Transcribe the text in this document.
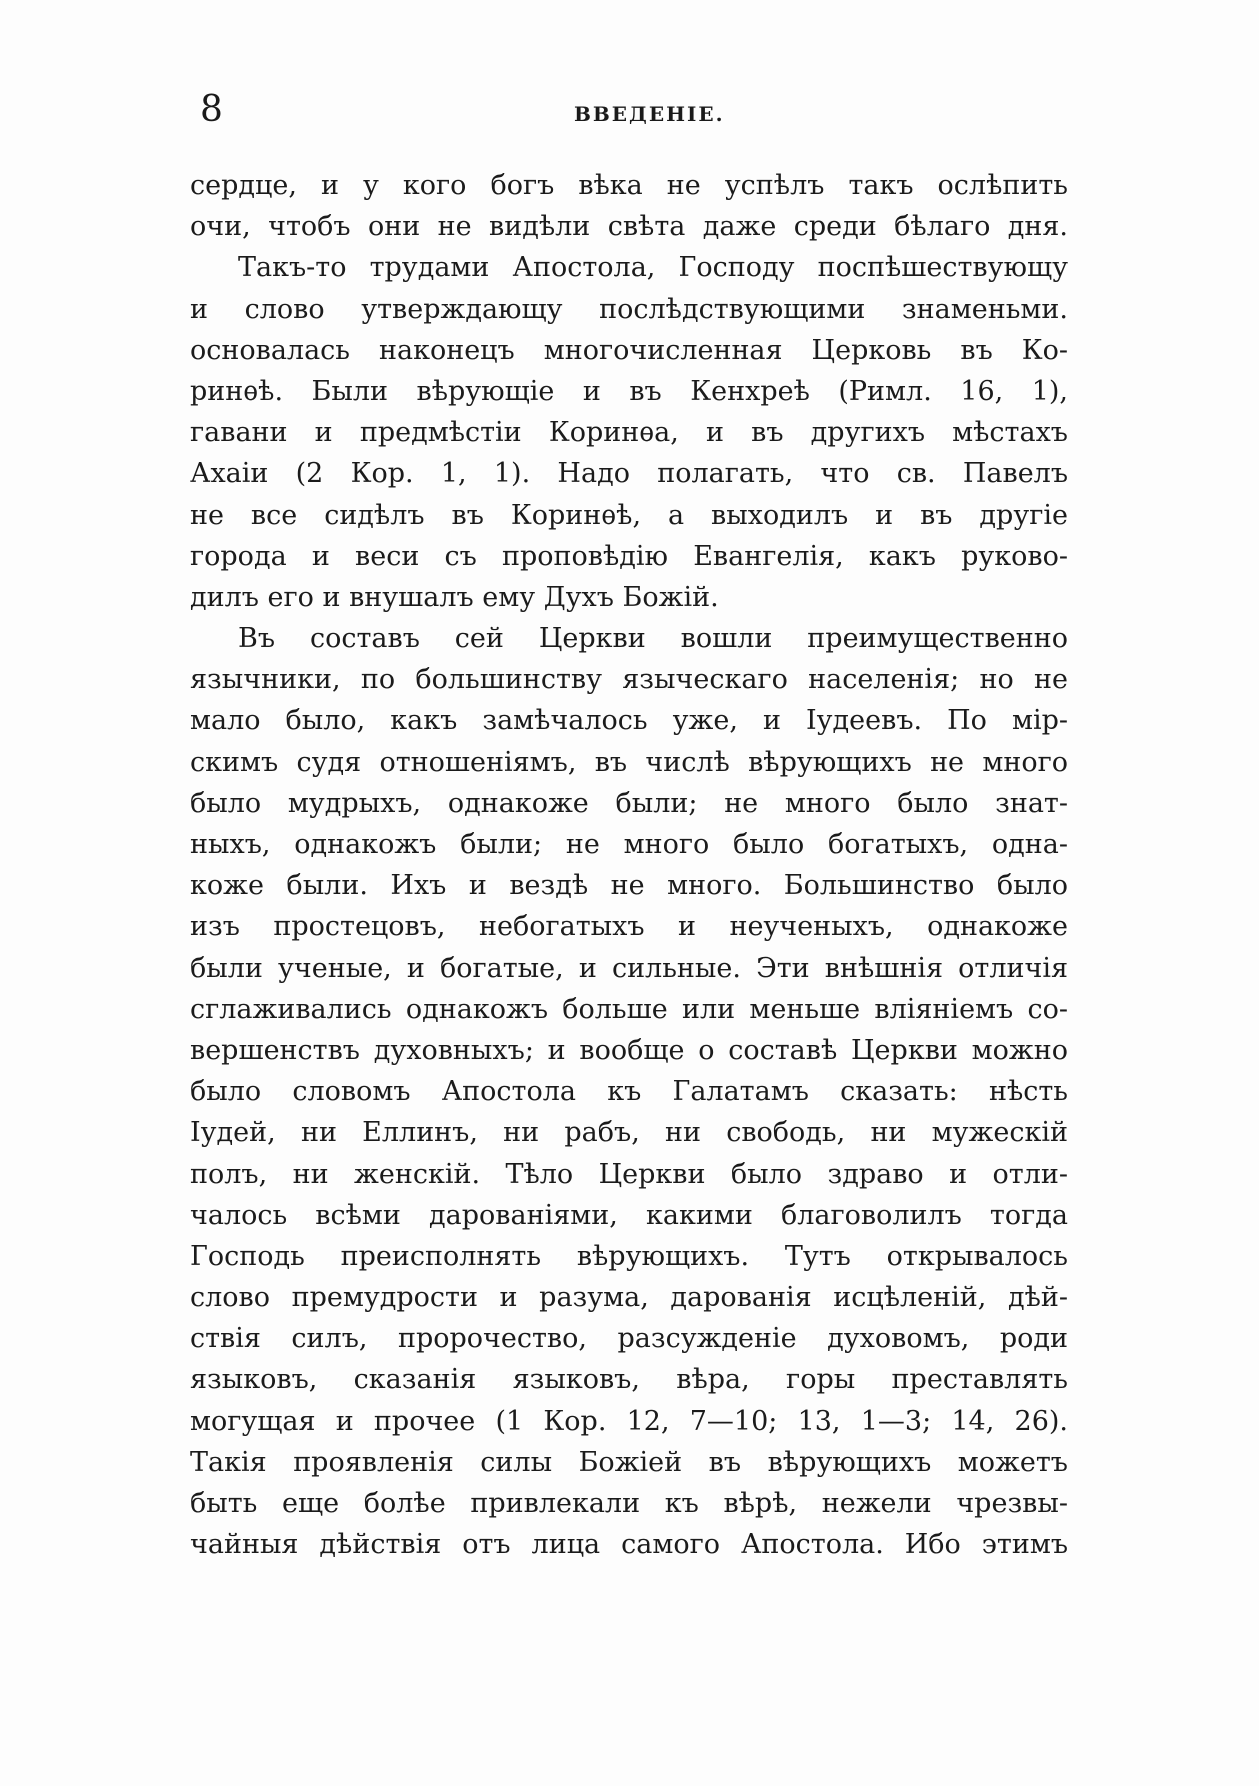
8	ВВЕДЕНІЕ.
сердце, и у кого богъ вѣка не успѣлъ такъ ослѣпить
очи, чтобъ они не видѣли свѣта даже среди бѣлаго дня.
Такъ-то трудами Апостола, Господу поспѣшествующу
и слово утверждающу послѣдствующими знаменьми.
основалась наконецъ многочисленная Церковь въ Ко-
ринѳѣ. Были вѣрующіе и въ Кенхреѣ (Римл. 16, 1),
гавани и предмѣстіи Коринѳа, и въ другихъ мѣстахъ
Ахаіи (2 Кор. 1, 1). Надо полагать, что св. Павелъ
не все сидѣлъ въ Коринѳѣ, а выходилъ и въ другіе
города и веси съ проповѣдію Евангелія, какъ руково-
дилъ его и внушалъ ему Духъ Божій.
Въ составъ сей Церкви вошли преимущественно
язычники, по большинству языческаго населенія; но не
мало было, какъ замѣчалось уже, и Іудеевъ. По мір-
скимъ судя отношеніямъ, въ числѣ вѣрующихъ не много
было мудрыхъ, однакоже были; не много было знат-
ныхъ, однакожъ были; не много было богатыхъ, одна-
коже были. Ихъ и вездѣ не много. Большинство было
изъ простецовъ, небогатыхъ и неученыхъ, однакоже
были ученые, и богатые, и сильные. Эти внѣшнія отличія
сглаживались однакожъ больше или меньше вліяніемъ со-
вершенствъ духовныхъ; и вообще о составѣ Церкви можно
было словомъ Апостола къ Галатамъ сказать: нѣсть
Іудей, ни Еллинъ, ни рабъ, ни свободь, ни мужескій
полъ, ни женскій. Тѣло Церкви было здраво и отли-
чалось всѣми дарованіями, какими благоволилъ тогда
Господь преисполнять вѣрующихъ. Тутъ открывалось
слово премудрости и разума, дарованія исцѣленій, дѣй-
ствія силъ, пророчество, разсужденіе духовомъ, роди
языковъ, сказанія языковъ, вѣра, горы преставлять
могущая и прочее (1 Кор. 12, 7—10; 13, 1—3; 14, 26).
Такія проявленія силы Божіей въ вѣрующихъ можетъ
быть еще болѣе привлекали къ вѣрѣ, нежели чрезвы-
чайныя дѣйствія отъ лица самого Апостола. Ибо этимъ
